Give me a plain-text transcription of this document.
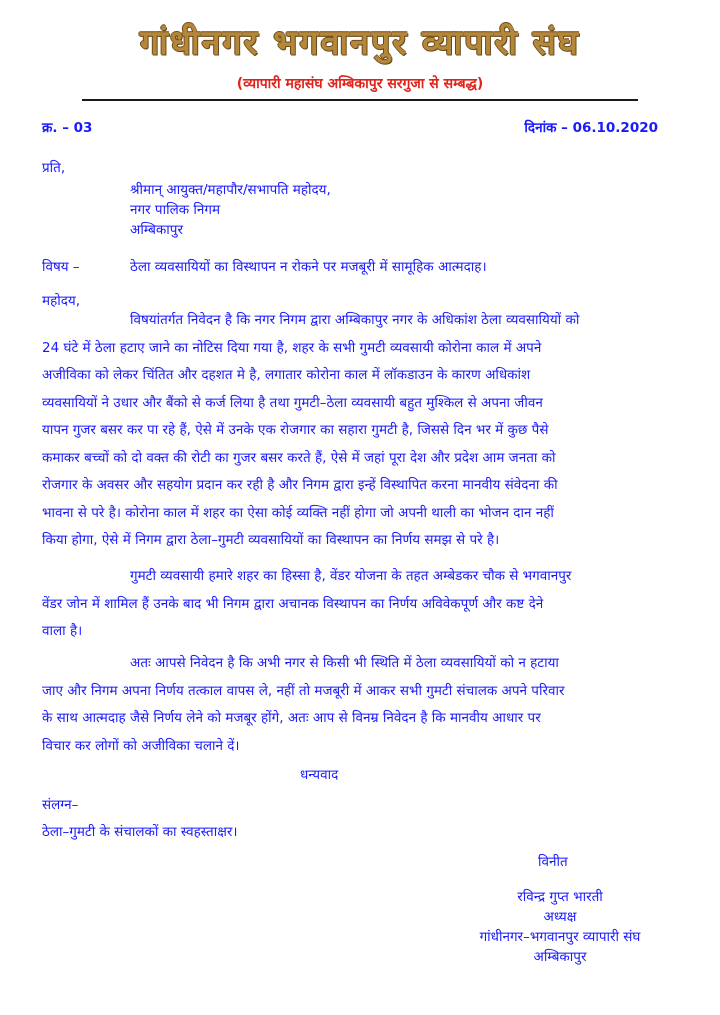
गांधीनगर भगवानपुर व्यापारी संघ
(व्यापारी महासंघ अम्बिकापुर सरगुजा से सम्बद्ध)
क्र. – 03	दिनांक – 06.10.2020
प्रति,
श्रीमान् आयुक्त/महापौर/सभापति महोदय,
नगर पालिक निगम
अम्बिकापुर
विषय –	ठेला व्यवसायियों का विस्थापन न रोकने पर मजबूरी में सामूहिक आत्मदाह।
महोदय,
विषयांतर्गत निवेदन है कि नगर निगम द्वारा अम्बिकापुर नगर के अधिकांश ठेला व्यवसायियों को
24 घंटे में ठेला हटाए जाने का नोटिस दिया गया है, शहर के सभी गुमटी व्यवसायी कोरोना काल में अपने
अजीविका को लेकर चिंतित और दहशत मे है, लगातार कोरोना काल में लॉकडाउन के कारण अधिकांश
व्यवसायियों ने उधार और बैंको से कर्ज लिया है तथा गुमटी–ठेला व्यवसायी बहुत मुश्किल से अपना जीवन
यापन गुजर बसर कर पा रहे हैं, ऐसे में उनके एक रोजगार का सहारा गुमटी है, जिससे दिन भर में कुछ पैसे
कमाकर बच्चों को दो वक्त की रोटी का गुजर बसर करते हैं, ऐसे में जहां पूरा देश और प्रदेश आम जनता को
रोजगार के अवसर और सहयोग प्रदान कर रही है और निगम द्वारा इन्हें विस्थापित करना मानवीय संवेदना की
भावना से परे है। कोरोना काल में शहर का ऐसा कोई व्यक्ति नहीं होगा जो अपनी थाली का भोजन दान नहीं
किया होगा, ऐसे में निगम द्वारा ठेला–गुमटी व्यवसायियों का विस्थापन का निर्णय समझ से परे है।
गुमटी व्यवसायी हमारे शहर का हिस्सा है, वेंडर योजना के तहत अम्बेडकर चौक से भगवानपुर
वेंडर जोन में शामिल हैं उनके बाद भी निगम द्वारा अचानक विस्थापन का निर्णय अविवेकपूर्ण और कष्ट देने
वाला है।
अतः आपसे निवेदन है कि अभी नगर से किसी भी स्थिति में ठेला व्यवसायियों को न हटाया
जाए और निगम अपना निर्णय तत्काल वापस ले, नहीं तो मजबूरी में आकर सभी गुमटी संचालक अपने परिवार
के साथ आत्मदाह जैसे निर्णय लेने को मजबूर होंगे, अतः आप से विनम्र निवेदन है कि मानवीय आधार पर
विचार कर लोगों को अजीविका चलाने दें।
धन्यवाद
संलग्न–
ठेला–गुमटी के संचालकों का स्वहस्ताक्षर।
विनीत
रविन्द्र गुप्त भारती
अध्यक्ष
गांधीनगर–भगवानपुर व्यापारी संघ
अम्बिकापुर
